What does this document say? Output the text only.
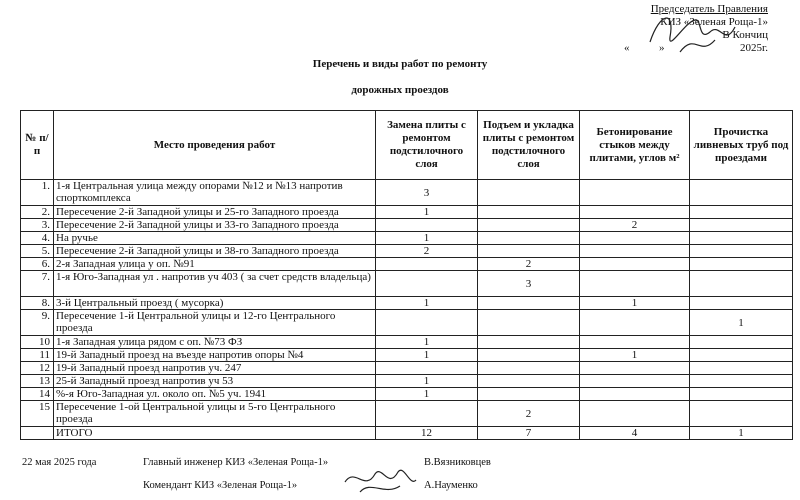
Председатель Правления
КИЗ «Зеленая Роща-1»
В Кончиц
«	»	2025г.
Перечень и виды работ по ремонту
дорожных проездов
№ п/п	Место проведения работ	Замена плиты с ремонтом подстилочного слоя	Подъем и укладка плиты с ремонтом подстилочного слоя	Бетонирование стыков между плитами, углов м²	Прочистка ливневых труб под проездами
1.	1-я Центральная улица между опорами №12 и №13 напротив спорткомплекса	3			
2.	Пересечение 2-й Западной улицы и 25-го Западного проезда	1			
3.	Пересечение 2-й Западной улицы и 33-го Западного проезда			2	
4.	На ручье	1			
5.	Пересечение 2-й Западной улицы и 38-го Западного проезда	2			
6.	2-я Западная улица у оп. №91		2		
7.	1-я Юго-Западная ул . напротив уч 403 ( за счет средств владельца)		3		
8.	3-й Центральный проезд ( мусорка)	1		1	
9.	Пересечение 1-й Центральной улицы и 12-го Центрального проезда				1
10	1-я Западная улица рядом с оп. №73 ФЗ	1			
11	19-й Западный проезд на въезде напротив опоры №4	1		1	
12	19-й Западный проезд напротив уч. 247				
13	25-й Западный проезд напротив уч 53	1			
14	%-я Юго-Западная ул. около оп. №5 уч. 1941	1			
15	Пересечение 1-ой Центральной улицы и 5-го Центрального проезда		2		
	ИТОГО	12	7	4	1
22 мая 2025 года	Главный инженер КИЗ «Зеленая Роща-1»	В.Вязниковцев
Комендант КИЗ «Зеленая Роща-1»	А.Науменко
